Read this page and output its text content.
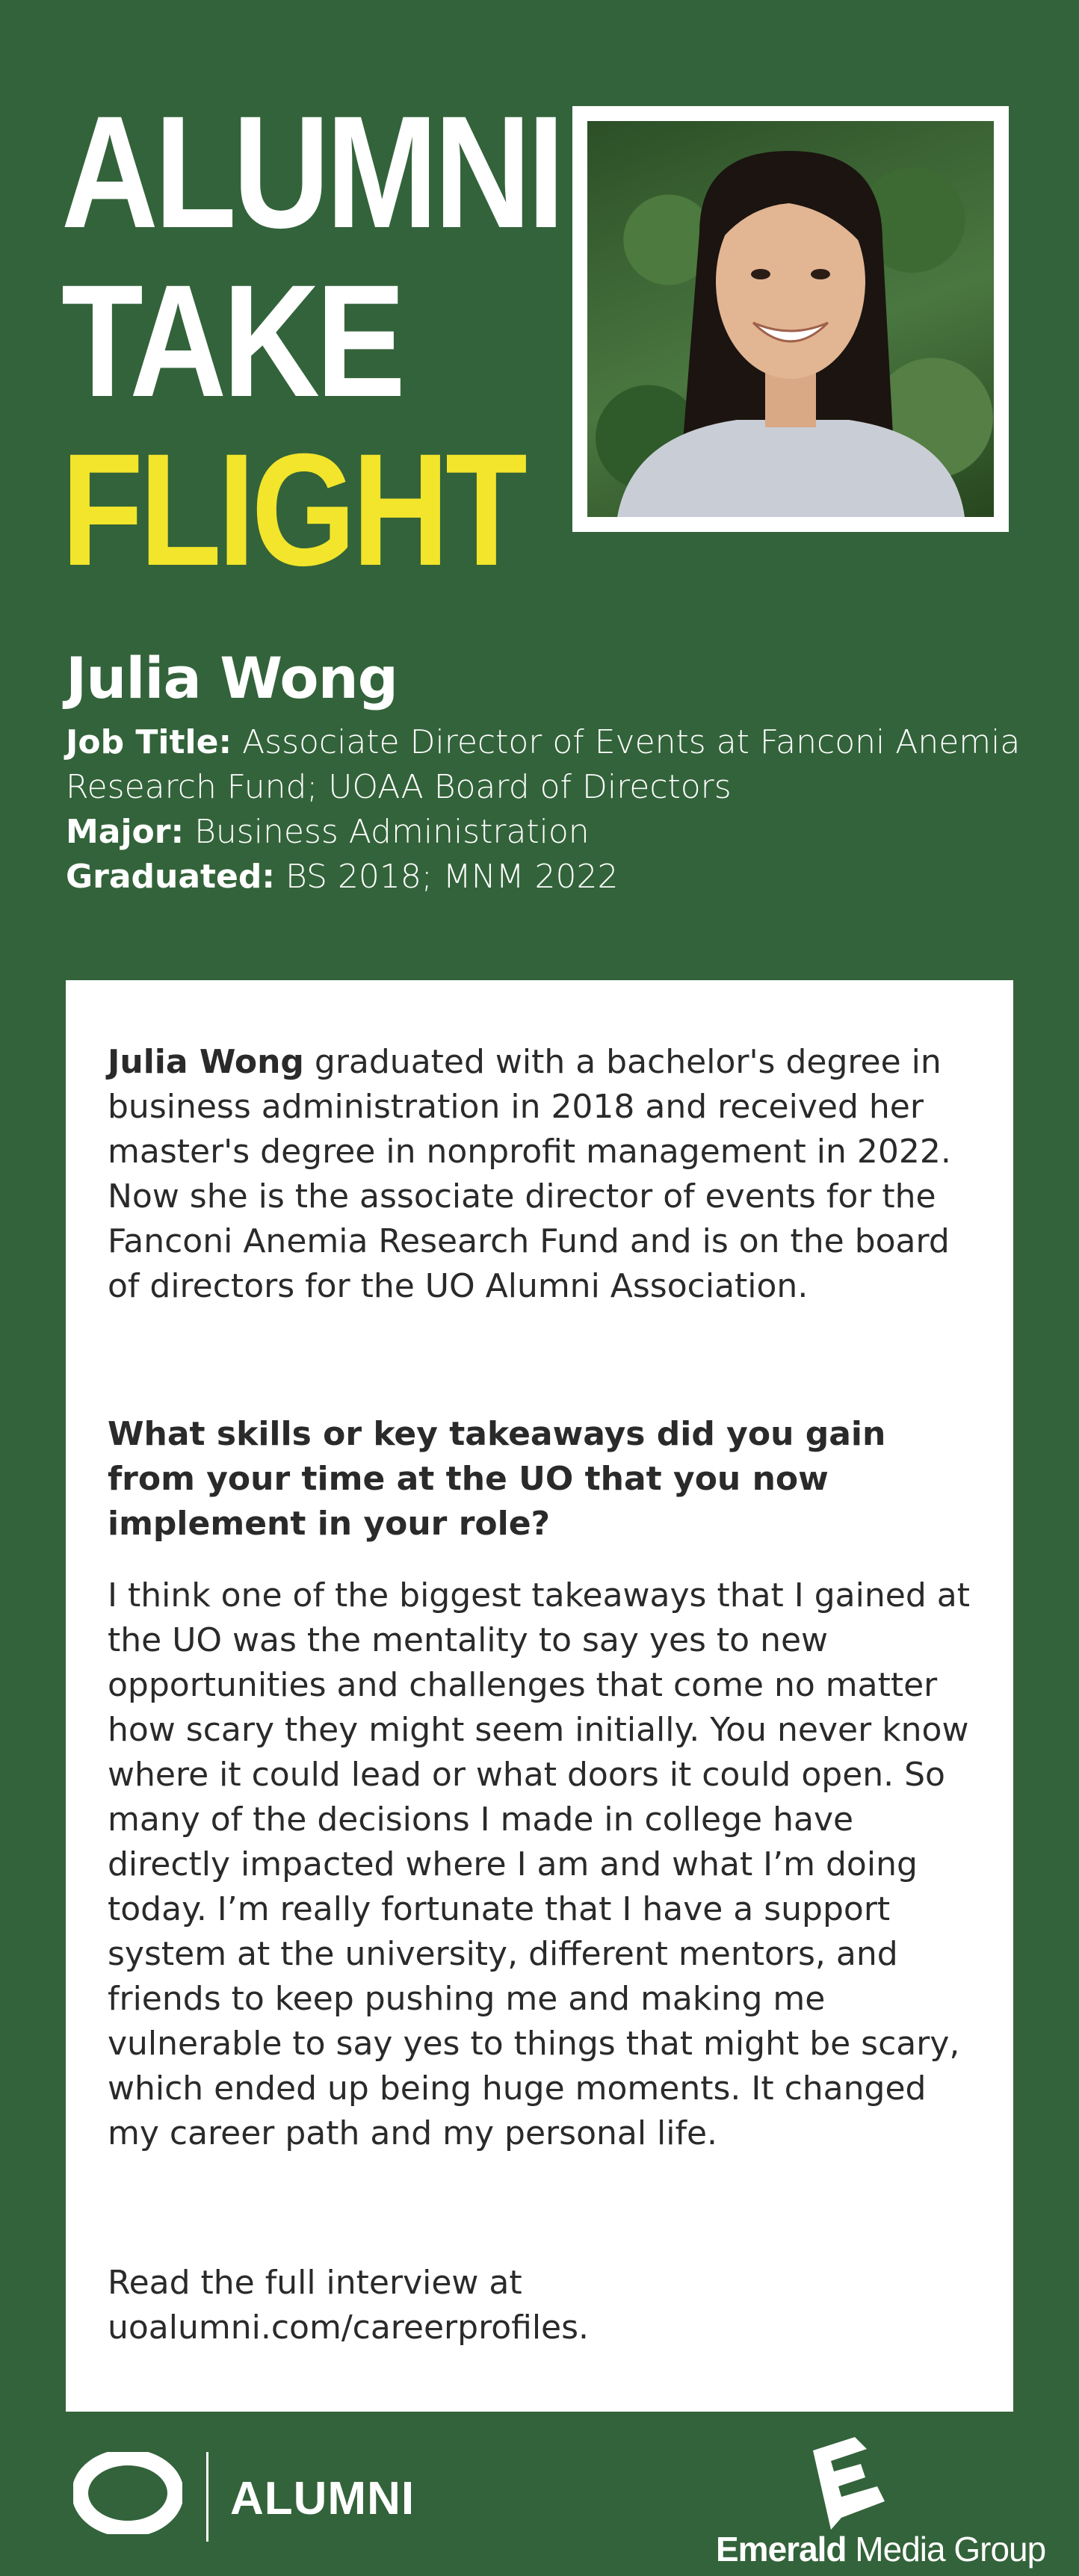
ALUMNI
TAKE
FLIGHT
Julia Wong
Job Title: Associate Director of Events at Fanconi Anemia
Research Fund; UOAA Board of Directors
Major: Business Administration
Graduated: BS 2018; MNM 2022

Julia Wong graduated with a bachelor's degree in business administration in 2018 and received her master's degree in nonprofit management in 2022. Now she is the associate director of events for the Fanconi Anemia Research Fund and is on the board of directors for the UO Alumni Association.

What skills or key takeaways did you gain from your time at the UO that you now implement in your role?

I think one of the biggest takeaways that I gained at the UO was the mentality to say yes to new opportunities and challenges that come no matter how scary they might seem initially. You never know where it could lead or what doors it could open. So many of the decisions I made in college have directly impacted where I am and what I’m doing today. I’m really fortunate that I have a support system at the university, different mentors, and friends to keep pushing me and making me vulnerable to say yes to things that might be scary, which ended up being huge moments. It changed my career path and my personal life.

Read the full interview at uoalumni.com/careerprofiles.

ALUMNI
Emerald Media Group
